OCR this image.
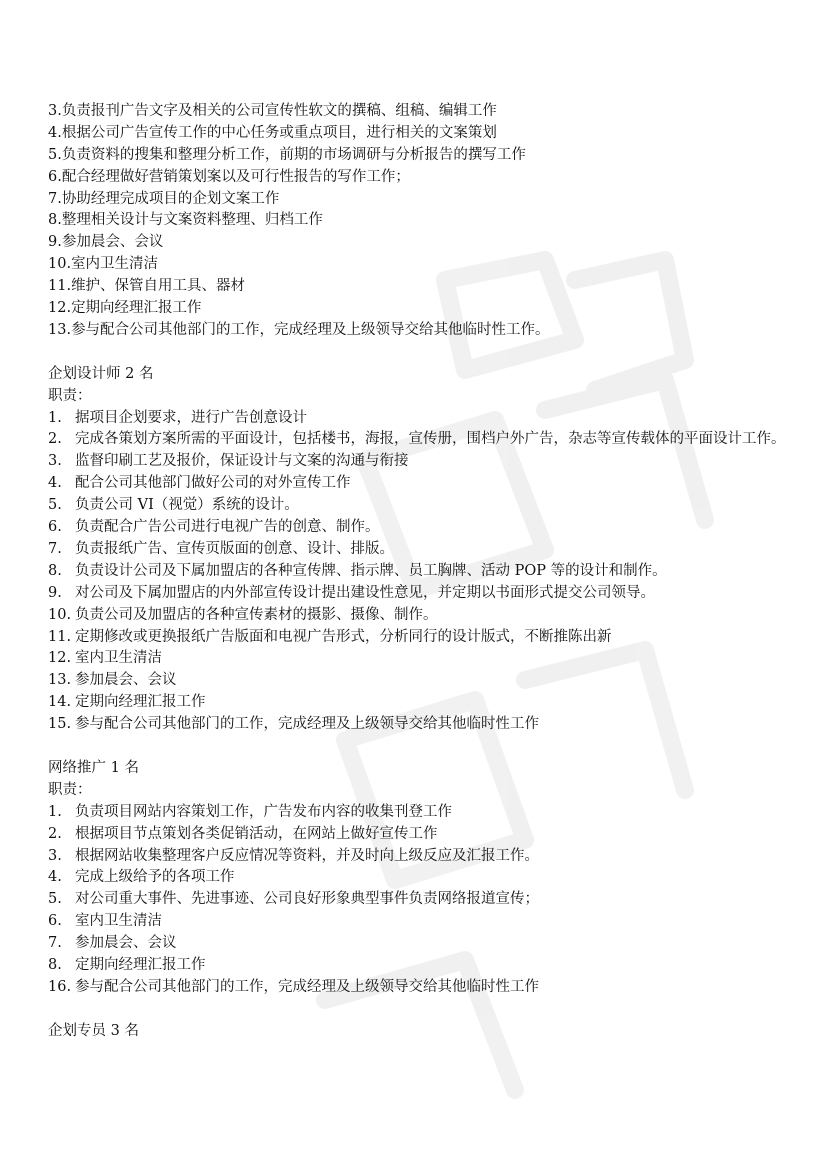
3. 负责报刊广告文字及相关的公司宣传性软文的撰稿、组稿、编辑工作
4. 根据公司广告宣传工作的中心任务或重点项目，进行相关的文案策划
5. 负责资料的搜集和整理分析工作，前期的市场调研与分析报告的撰写工作
6. 配合经理做好营销策划案以及可行性报告的写作工作；
7. 协助经理完成项目的企划文案工作
8. 整理相关设计与文案资料整理、归档工作
9. 参加晨会、会议
10. 室内卫生清洁
11. 维护、保管自用工具、器材
12. 定期向经理汇报工作
13. 参与配合公司其他部门的工作，完成经理及上级领导交给其他临时性工作。
企划设计师 2 名
职责：
1. 据项目企划要求，进行广告创意设计
2. 完成各策划方案所需的平面设计，包括楼书，海报，宣传册，围档户外广告，杂志等宣传载体的平面设计工作。
3. 监督印刷工艺及报价，保证设计与文案的沟通与衔接
4. 配合公司其他部门做好公司的对外宣传工作
5. 负责公司 VI（视觉）系统的设计。
6. 负责配合广告公司进行电视广告的创意、制作。
7. 负责报纸广告、宣传页版面的创意、设计、排版。
8. 负责设计公司及下属加盟店的各种宣传牌、指示牌、员工胸牌、活动 POP 等的设计和制作。
9. 对公司及下属加盟店的内外部宣传设计提出建设性意见，并定期以书面形式提交公司领导。
10. 负责公司及加盟店的各种宣传素材的摄影、摄像、制作。
11. 定期修改或更换报纸广告版面和电视广告形式，分析同行的设计版式，不断推陈出新
12. 室内卫生清洁
13. 参加晨会、会议
14. 定期向经理汇报工作
15. 参与配合公司其他部门的工作，完成经理及上级领导交给其他临时性工作
网络推广 1 名
职责：
1. 负责项目网站内容策划工作，广告发布内容的收集刊登工作
2. 根据项目节点策划各类促销活动，在网站上做好宣传工作
3. 根据网站收集整理客户反应情况等资料，并及时向上级反应及汇报工作。
4. 完成上级给予的各项工作
5. 对公司重大事件、先进事迹、公司良好形象典型事件负责网络报道宣传；
6. 室内卫生清洁
7. 参加晨会、会议
8. 定期向经理汇报工作
16. 参与配合公司其他部门的工作，完成经理及上级领导交给其他临时性工作
企划专员 3 名
